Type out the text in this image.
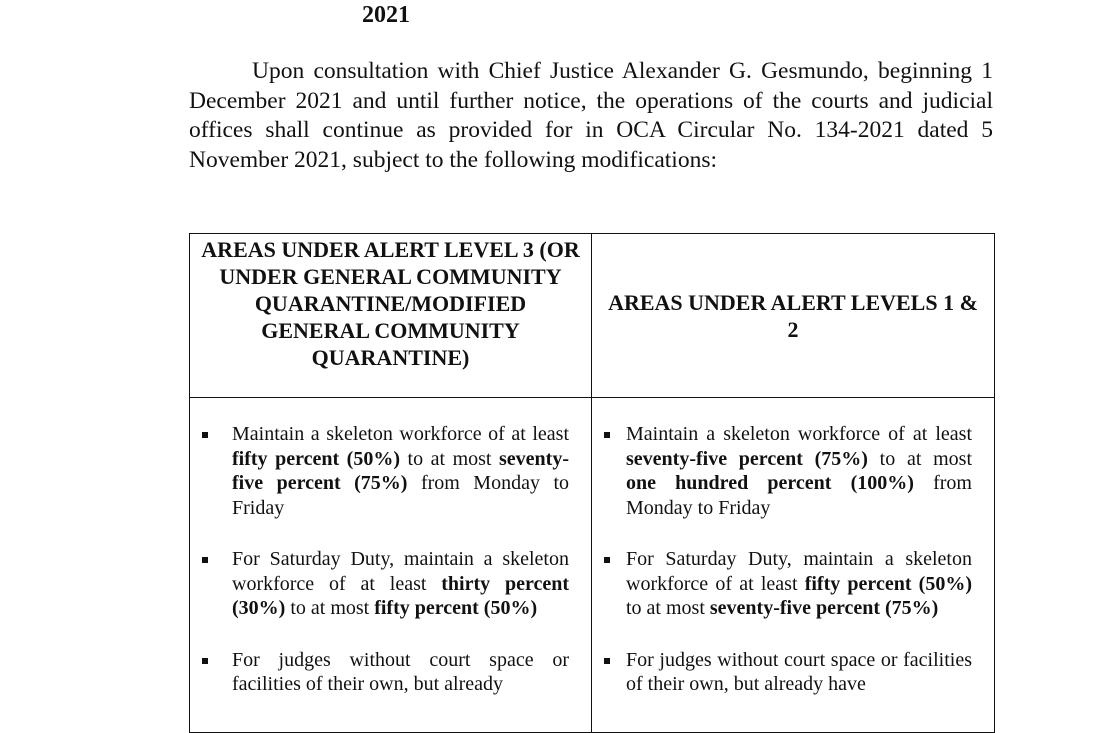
2021

Upon consultation with Chief Justice Alexander G. Gesmundo, beginning 1 December 2021 and until further notice, the operations of the courts and judicial offices shall continue as provided for in OCA Circular No. 134-2021 dated 5 November 2021, subject to the following modifications:

AREAS UNDER ALERT LEVEL 3 (OR UNDER GENERAL COMMUNITY QUARANTINE/MODIFIED GENERAL COMMUNITY QUARANTINE)
AREAS UNDER ALERT LEVELS 1 & 2
Maintain a skeleton workforce of at least fifty percent (50%) to at most seventy-five percent (75%) from Monday to Friday
For Saturday Duty, maintain a skeleton workforce of at least thirty percent (30%) to at most fifty percent (50%)
For judges without court space or facilities of their own, but already
Maintain a skeleton workforce of at least seventy-five percent (75%) to at most one hundred percent (100%) from Monday to Friday
For Saturday Duty, maintain a skeleton workforce of at least fifty percent (50%) to at most seventy-five percent (75%)
For judges without court space or facilities of their own, but already have
